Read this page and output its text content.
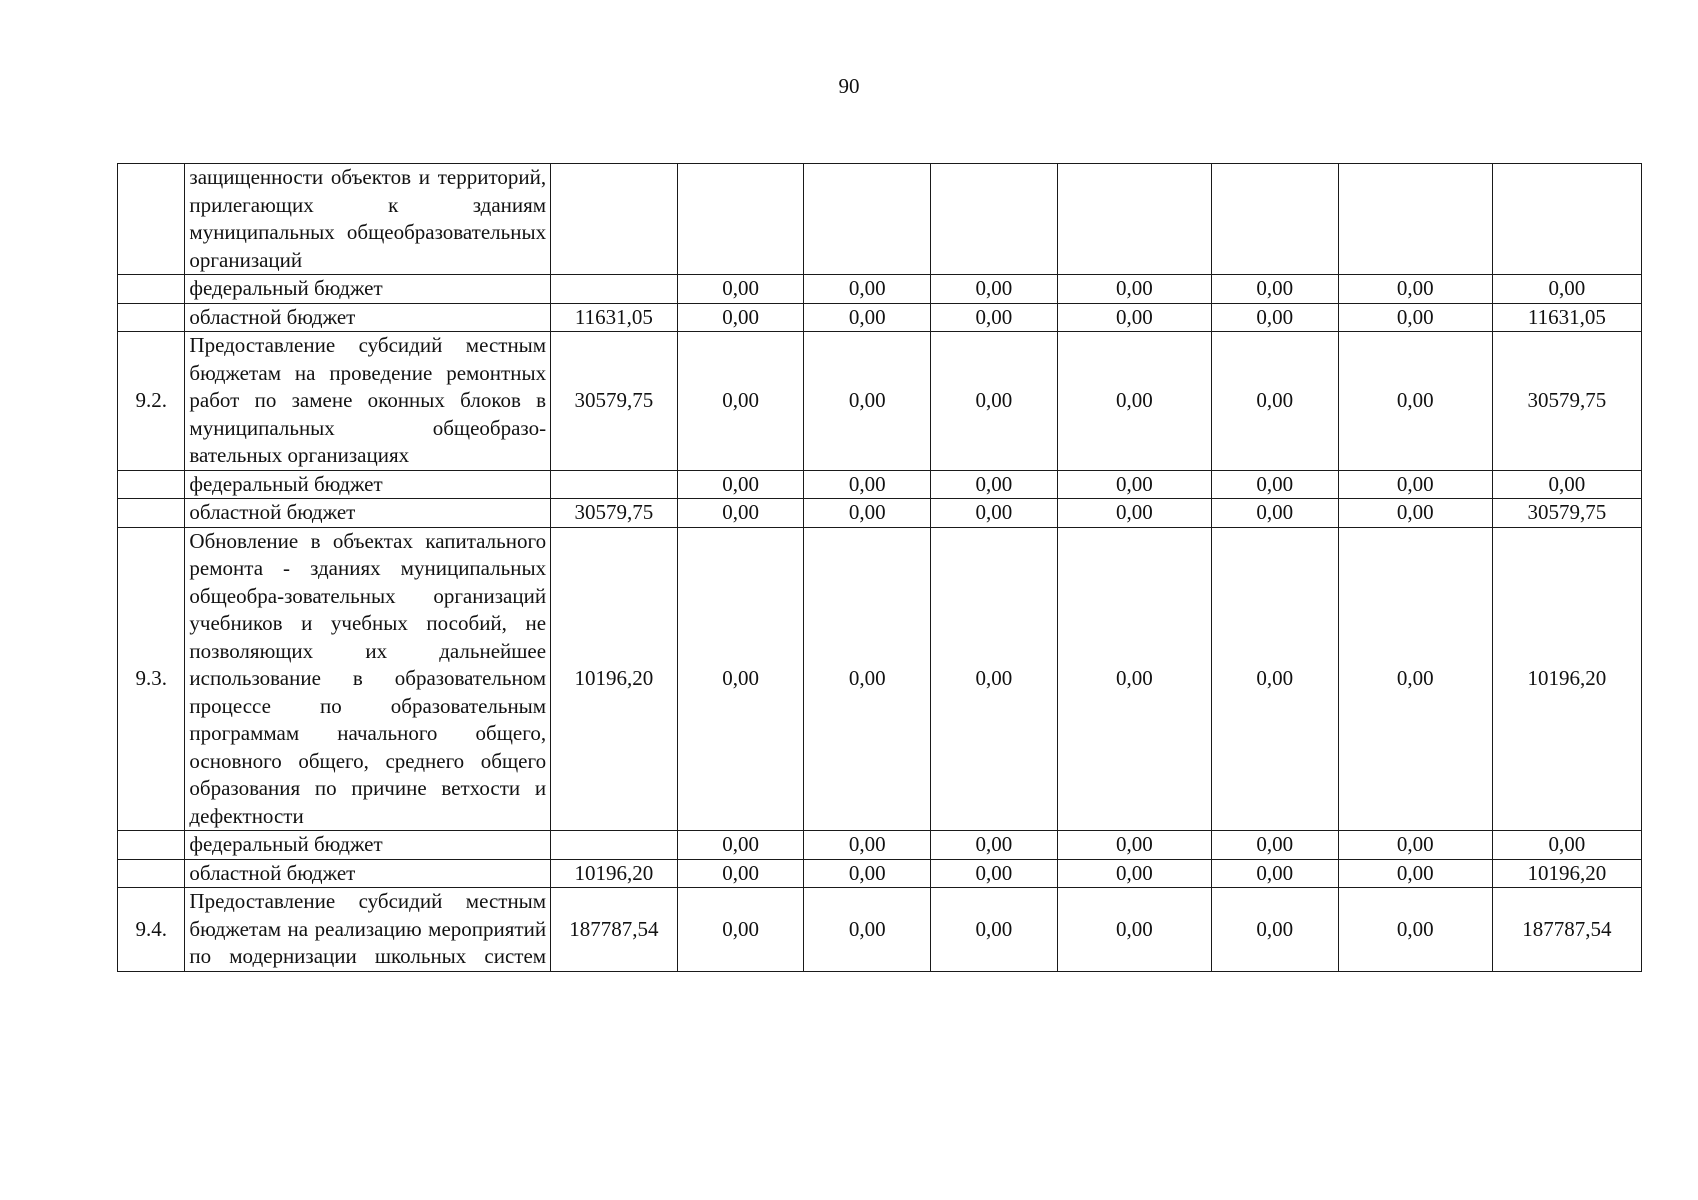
90
	защищенности объектов и территорий, прилегающих к зданиям муниципальных общеобразовательных организаций								
	федеральный бюджет		0,00	0,00	0,00	0,00	0,00	0,00	0,00
	областной бюджет	11631,05	0,00	0,00	0,00	0,00	0,00	0,00	11631,05
9.2.	Предоставление субсидий местным бюджетам на проведение ремонтных работ по замене оконных блоков в муниципальных общеобразо-вательных организациях	30579,75	0,00	0,00	0,00	0,00	0,00	0,00	30579,75
	федеральный бюджет		0,00	0,00	0,00	0,00	0,00	0,00	0,00
	областной бюджет	30579,75	0,00	0,00	0,00	0,00	0,00	0,00	30579,75
9.3.	Обновление в объектах капитального ремонта - зданиях муниципальных общеобра-зовательных организаций учебников и учебных пособий, не позволяющих их дальнейшее использование в образовательном процессе по образовательным программам начального общего, основного общего, среднего общего образования по причине ветхости и дефектности	10196,20	0,00	0,00	0,00	0,00	0,00	0,00	10196,20
	федеральный бюджет		0,00	0,00	0,00	0,00	0,00	0,00	0,00
	областной бюджет	10196,20	0,00	0,00	0,00	0,00	0,00	0,00	10196,20
9.4.	Предоставление субсидий местным бюджетам на реализацию мероприятий по модернизации школьных систем	187787,54	0,00	0,00	0,00	0,00	0,00	0,00	187787,54
